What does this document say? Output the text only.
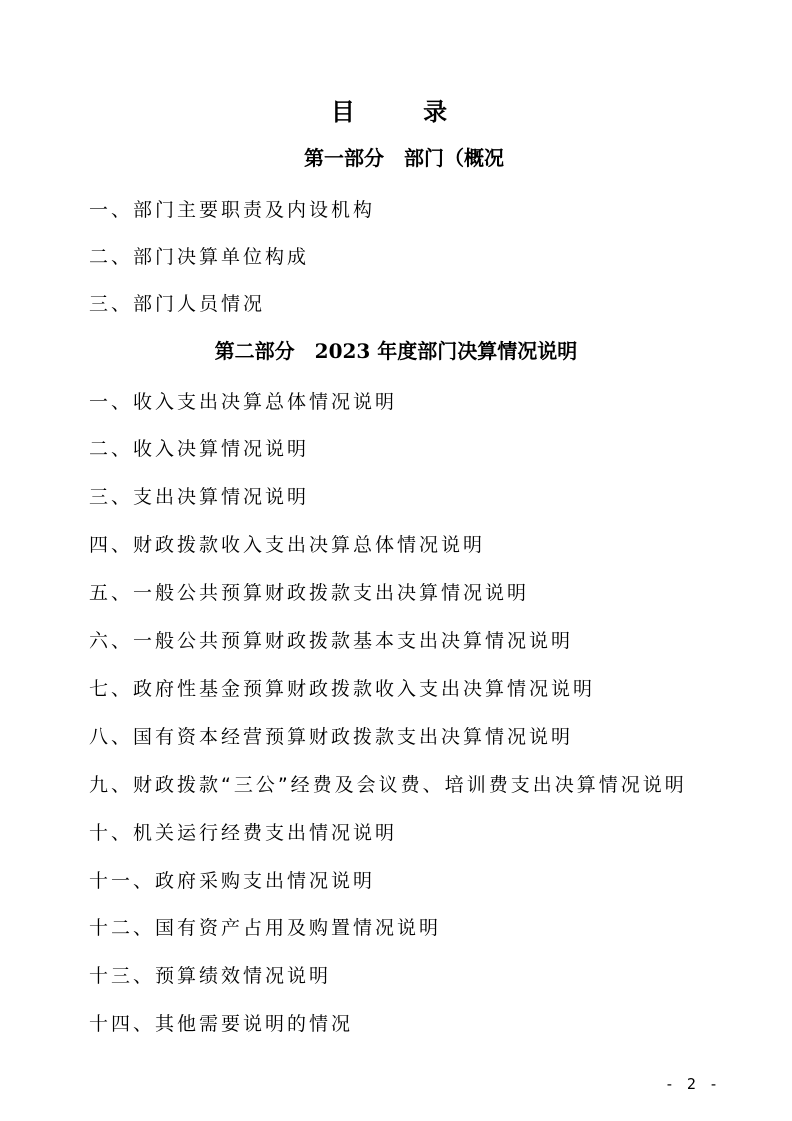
目 录
第一部分　部门（概况
一、部门主要职责及内设机构
二、部门决算单位构成
三、部门人员情况
第二部分　2023 年度部门决算情况说明
一、收入支出决算总体情况说明
二、收入决算情况说明
三、支出决算情况说明
四、财政拨款收入支出决算总体情况说明
五、一般公共预算财政拨款支出决算情况说明
六、一般公共预算财政拨款基本支出决算情况说明
七、政府性基金预算财政拨款收入支出决算情况说明
八、国有资本经营预算财政拨款支出决算情况说明
九、财政拨款“三公”经费及会议费、培训费支出决算情况说明
十、机关运行经费支出情况说明
十一、政府采购支出情况说明
十二、国有资产占用及购置情况说明
十三、预算绩效情况说明
十四、其他需要说明的情况
- 2 -
